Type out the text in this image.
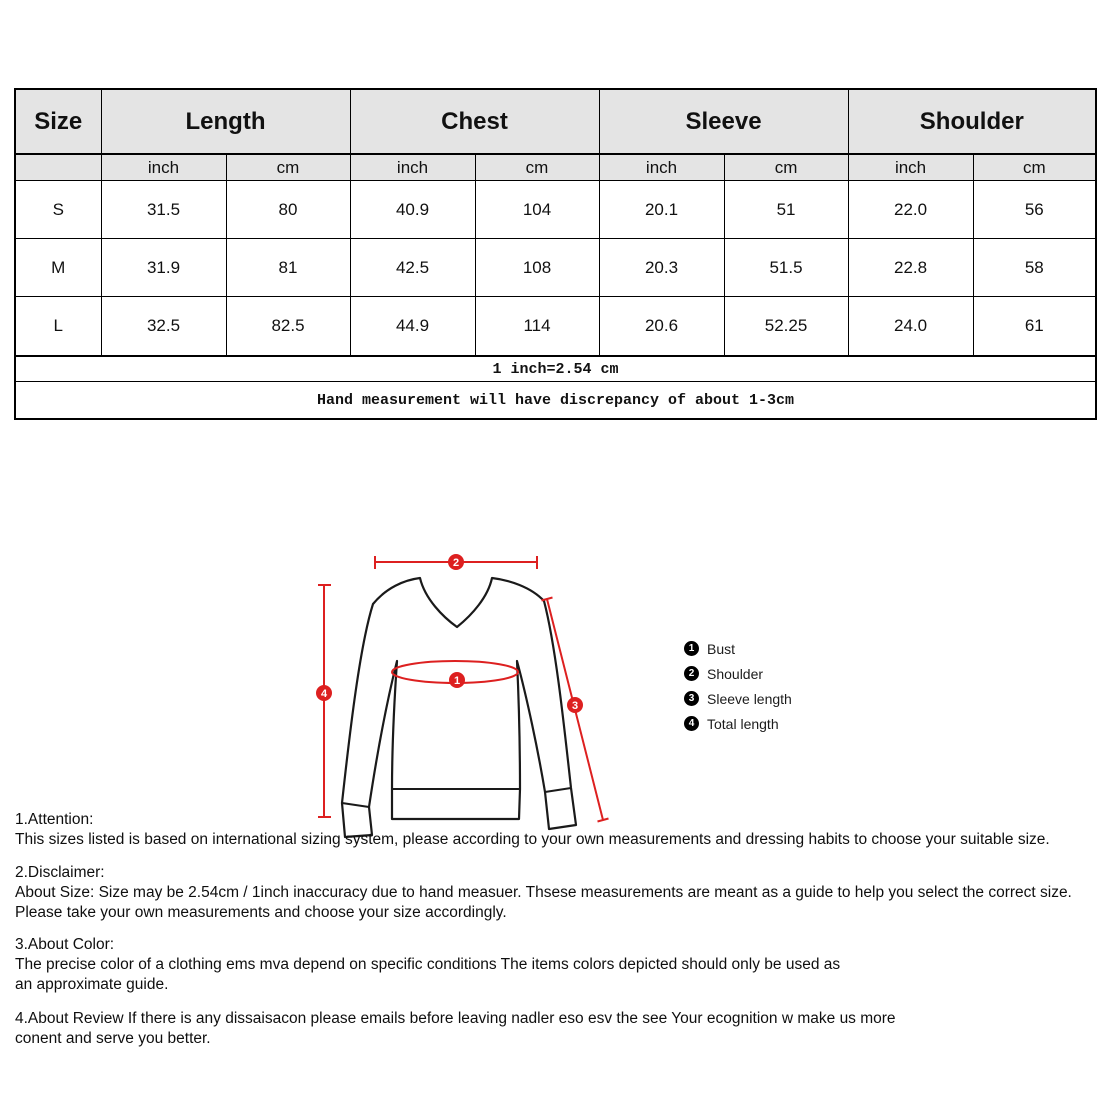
Size	Length		Chest		Sleeve		Shoulder	
	inch	cm	inch	cm	inch	cm	inch	cm
S	31.5	80	40.9	104	20.1	51	22.0	56
M	31.9	81	42.5	108	20.3	51.5	22.8	58
L	32.5	82.5	44.9	114	20.6	52.25	24.0	61
1 inch=2.54 cm								
Hand measurement will have discrepancy of about 1-3cm								
1
2
3
4
1 Bust
2 Shoulder
3 Sleeve length
4 Total length
1.Attention:
This sizes listed is based on international sizing system, please according to your own measurements and dressing habits to choose your suitable size.
2.Disclaimer:
About Size: Size may be 2.54cm / 1inch inaccuracy due to hand measuer. Thsese measurements are meant as a guide to help you select the correct size.
Please take your own measurements and choose your size accordingly.
3.About Color:
The precise color of a clothing ems mva depend on specific conditions The items colors depicted should only be used as
an approximate guide.
4.About Review If there is any dissaisacon please emails before leaving nadler eso esv the see Your ecognition w make us more
conent and serve you better.
